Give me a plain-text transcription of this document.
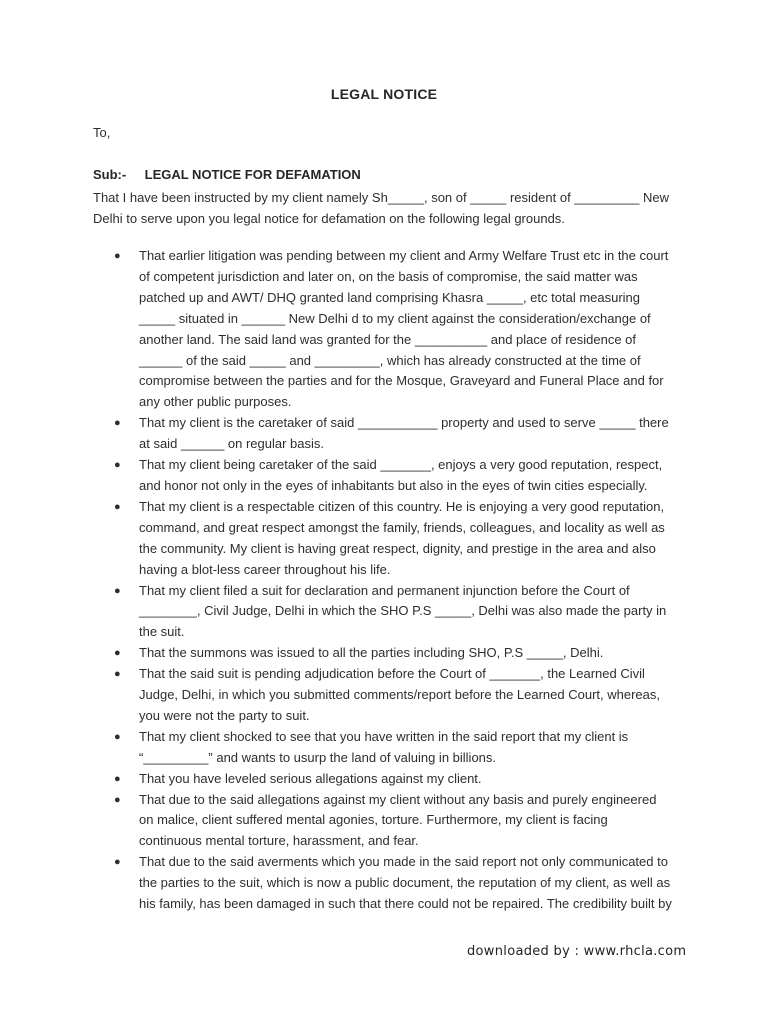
LEGAL NOTICE
To,
Sub:- LEGAL NOTICE FOR DEFAMATION
That I have been instructed by my client namely Sh_____, son of _____ resident of _________ New
Delhi to serve upon you legal notice for defamation on the following legal grounds.
● That earlier litigation was pending between my client and Army Welfare Trust etc in the court of competent jurisdiction and later on, on the basis of compromise, the said matter was patched up and AWT/ DHQ granted land comprising Khasra _____, etc total measuring _____ situated in ______ New Delhi d to my client against the consideration/exchange of another land. The said land was granted for the __________ and place of residence of ______ of the said _____ and _________, which has already constructed at the time of compromise between the parties and for the Mosque, Graveyard and Funeral Place and for any other public purposes.
● That my client is the caretaker of said ___________ property and used to serve _____ there at said ______ on regular basis.
● That my client being caretaker of the said _______, enjoys a very good reputation, respect, and honor not only in the eyes of inhabitants but also in the eyes of twin cities especially.
● That my client is a respectable citizen of this country. He is enjoying a very good reputation, command, and great respect amongst the family, friends, colleagues, and locality as well as the community. My client is having great respect, dignity, and prestige in the area and also having a blot-less career throughout his life.
● That my client filed a suit for declaration and permanent injunction before the Court of ________, Civil Judge, Delhi in which the SHO P.S _____, Delhi was also made the party in the suit.
● That the summons was issued to all the parties including SHO, P.S _____, Delhi.
● That the said suit is pending adjudication before the Court of _______, the Learned Civil Judge, Delhi, in which you submitted comments/report before the Learned Court, whereas, you were not the party to suit.
● That my client shocked to see that you have written in the said report that my client is “_________” and wants to usurp the land of valuing in billions.
● That you have leveled serious allegations against my client.
● That due to the said allegations against my client without any basis and purely engineered on malice, client suffered mental agonies, torture. Furthermore, my client is facing continuous mental torture, harassment, and fear.
● That due to the said averments which you made in the said report not only communicated to the parties to the suit, which is now a public document, the reputation of my client, as well as his family, has been damaged in such that there could not be repaired. The credibility built by
downloaded by : www.rhcla.com
